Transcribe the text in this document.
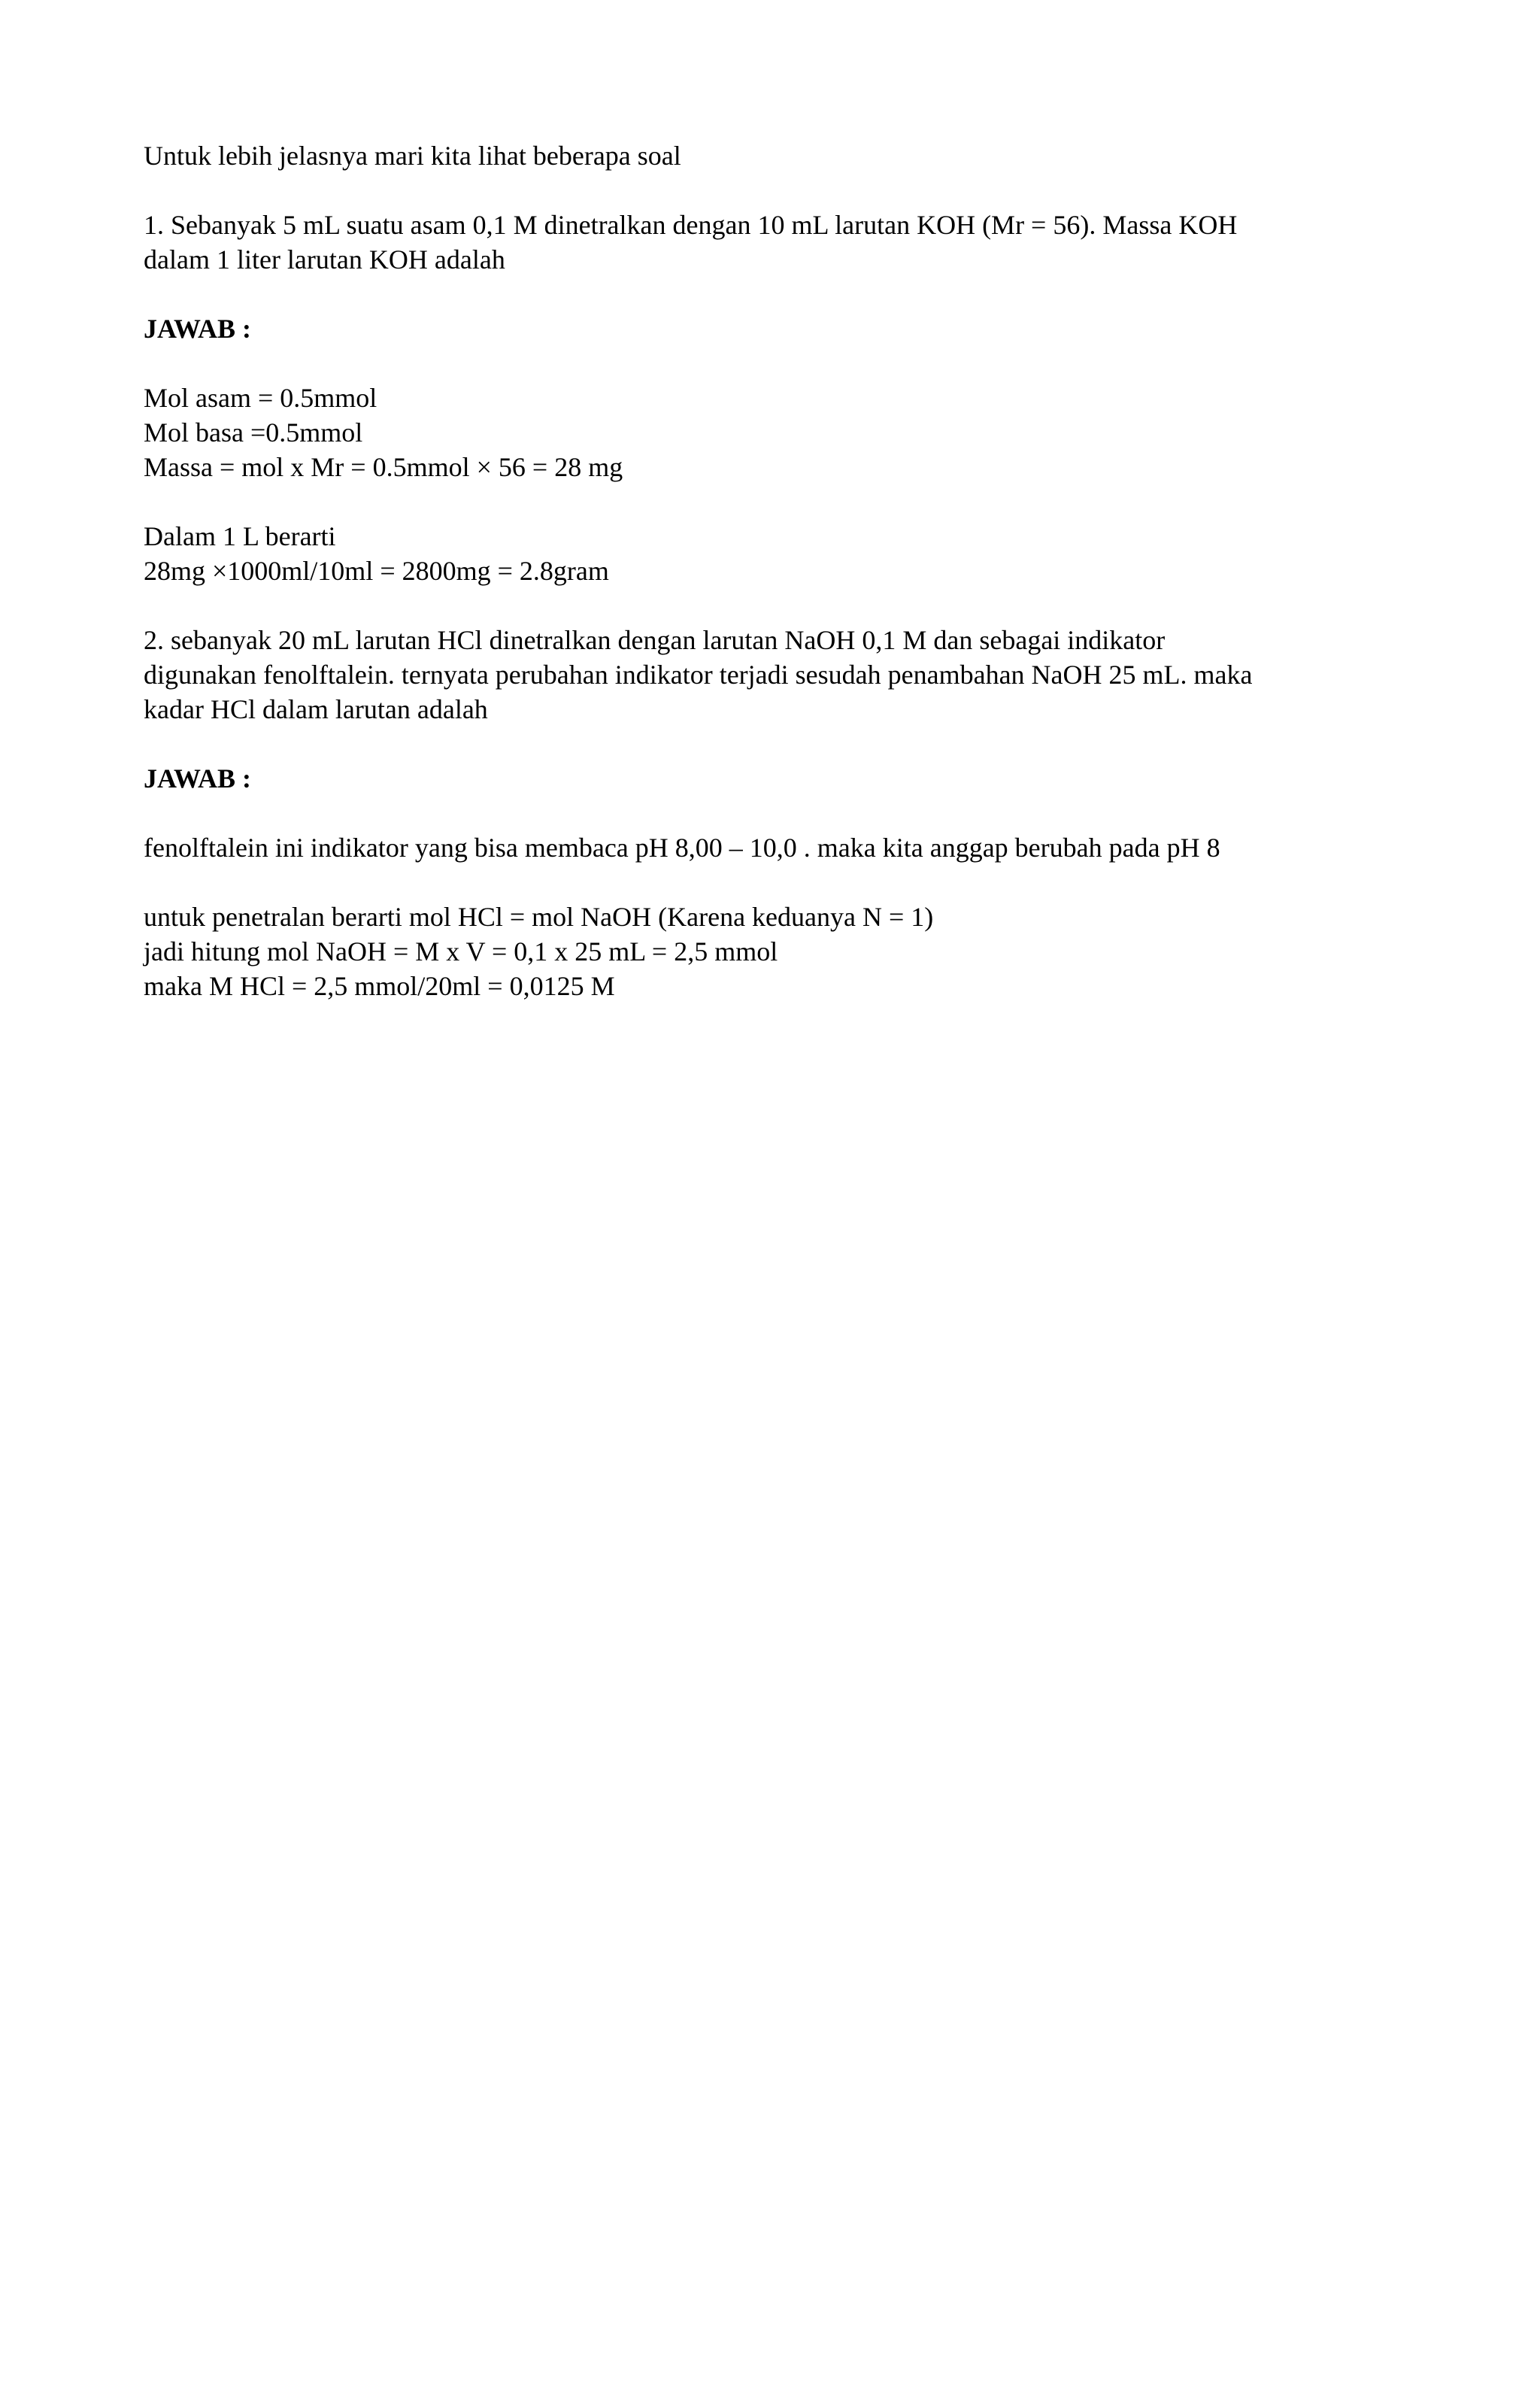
Untuk lebih jelasnya mari kita lihat beberapa soal

1. Sebanyak 5 mL suatu asam 0,1 M dinetralkan dengan 10 mL larutan KOH (Mr = 56). Massa KOH
dalam 1 liter larutan KOH adalah

JAWAB :

Mol asam = 0.5mmol
Mol basa =0.5mmol
Massa = mol x Mr = 0.5mmol × 56 = 28 mg

Dalam 1 L berarti
28mg ×1000ml/10ml = 2800mg = 2.8gram

2. sebanyak 20 mL larutan HCl dinetralkan dengan larutan NaOH 0,1 M dan sebagai indikator
digunakan fenolftalein. ternyata perubahan indikator terjadi sesudah penambahan NaOH 25 mL. maka
kadar HCl dalam larutan adalah

JAWAB :

fenolftalein ini indikator yang bisa membaca pH 8,00 – 10,0 . maka kita anggap berubah pada pH 8

untuk penetralan berarti mol HCl = mol NaOH (Karena keduanya N = 1)
jadi hitung mol NaOH = M x V = 0,1 x 25 mL = 2,5 mmol
maka M HCl = 2,5 mmol/20ml = 0,0125 M
